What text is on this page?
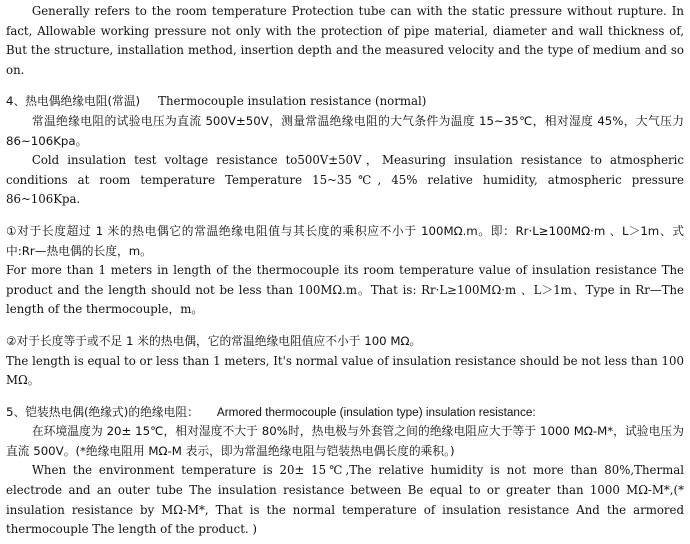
Generally refers to the room temperature Protection tube can with the static pressure without rupture. In fact, Allowable working pressure not only with the protection of pipe material, diameter and wall thickness of, But the structure, installation method, insertion depth and the measured velocity and the type of medium and so on.

4、热电偶绝缘电阻(常温) Thermocouple insulation resistance (normal)

常温绝缘电阻的试验电压为直流 500V±50V，测量常温绝缘电阻的大气条件为温度 15~35℃，相对湿度 45%，大气压力 86~106Kpa。

Cold insulation test voltage resistance to500V±50V，Measuring insulation resistance to atmospheric conditions at room temperature Temperature 15~35℃, 45% relative humidity, atmospheric pressure 86~106Kpa.

①对于长度超过 1 米的热电偶它的常温绝缘电阻值与其长度的乘积应不小于 100MΩ.m。即：Rr·L≥100MΩ·m 、L＞1m、式中:Rr—热电偶的长度，m。

For more than 1 meters in length of the thermocouple its room temperature value of insulation resistance The product and the length should not be less than 100MΩ.m。That is: Rr·L≥100MΩ·m 、L＞1m、Type in Rr—The length of the thermocouple，m。

②对于长度等于或不足 1 米的热电偶，它的常温绝缘电阻值应不小于 100 MΩ。

The length is equal to or less than 1 meters, It's normal value of insulation resistance should be not less than 100 MΩ。

5、铠装热电偶(绝缘式)的绝缘电阻： Armored thermocouple (insulation type) insulation resistance:

在环境温度为 20± 15℃，相对湿度不大于 80%时，热电极与外套管之间的绝缘电阻应大于等于 1000 MΩ-M*，试验电压为直流 500V。(*绝缘电阻用 MΩ-M 表示，即为常温绝缘电阻与铠装热电偶长度的乘积。)

When the environment temperature is 20± 15℃,The relative humidity is not more than 80%,Thermal electrode and an outer tube The insulation resistance between Be equal to or greater than 1000 MΩ-M*,(* insulation resistance by MΩ-M*, That is the normal temperature of insulation resistance And the armored thermocouple The length of the product. )
